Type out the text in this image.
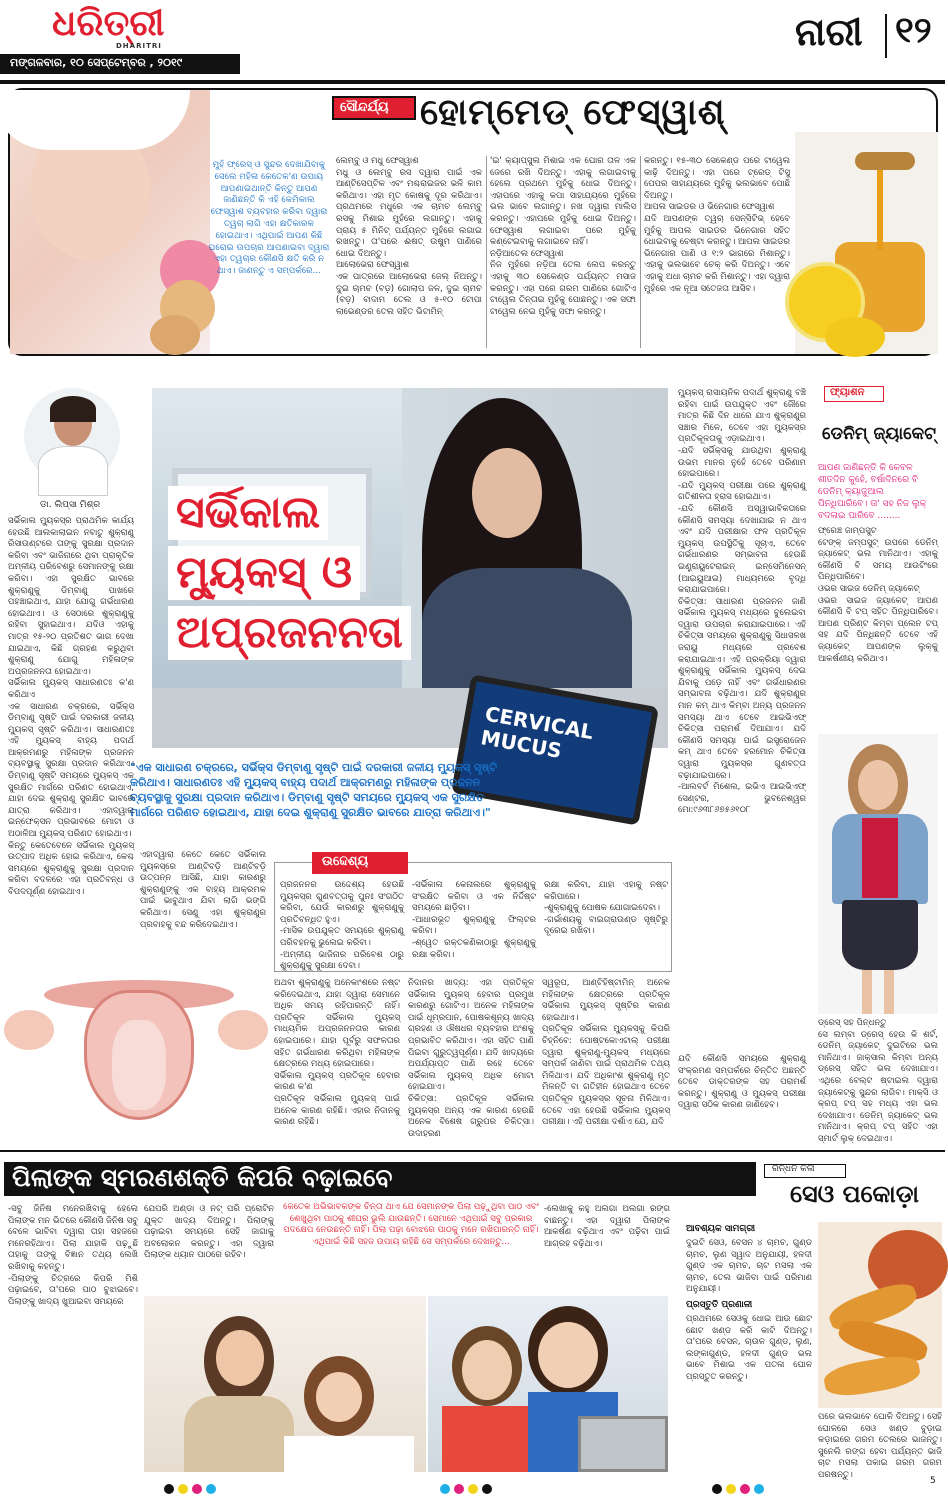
ଧରିତ୍ରୀ
DHARITRI
ମଙ୍ଗଳବାର, ୧୦ ସେପ୍ଟେମ୍ବର , ୨୦୧୯
ନାରୀ ୧୨
ମୁହଁ ଫ୍ରେସ୍ ଓ ସୁନ୍ଦର ଦେଖାଯିବାକୁ ସେଲେ ମହିଳା କେତେକ'ଣ ଉପାୟ ଆପଣାଇଥାନ୍ତି କିନ୍ତୁ ଆପଣ ଜାଣିଛନ୍ତି କି ଏହି କେମିକାଲ ଫେସ୍‌ୱାଶ ବ୍ୟବହାର କରିବା ଦ୍ୱାରା ତ୍ୱଚା ଲାଗି ଏହା କ୍ଷତିକାରକ ହୋଇଥାଏ। ଏଥିପାଇଁ ଆପଣ କିଛି ଘରୋଇ ଉପଚାର ଆପଣାଇବା ଦ୍ୱାରା ଏହା ତ୍ୱଚାର କୌଣସି କ୍ଷତି କରି ନ ଥାଏ। ଜାଣନ୍ତୁ ଏ ସମ୍ପର୍କରେ...
ସୌନ୍ଦର୍ଯ୍ୟ ହୋମ୍‌ମେଡ୍ ଫେସ୍‌ୱାଶ୍
ଲେମ୍ବୁ ଓ ମଧୁ ଫେସ୍‌ୱାଶ
ମଧୁ ଓ ଲେମ୍ବୁ ରସ ଦ୍ୱାରା ପାଇଁ ଏକ ଆଣ୍ଟିସେପ୍ଟିକ ଏବଂ ମଶ୍ଚରାଇଜର ଭଳି କାମ କରିଥାଏ। ଏହା ମୃତ କୋଷକୁ ଦୂର କରିଥାଏ। ପ୍ରଥମରେ ମଧୁରେ ଏକ ଚାମଚ ଲେମ୍ବୁ ରସକୁ ମିଶାଇ ମୁହଁରେ ଲଗାନ୍ତୁ। ଏହାକୁ ପ୍ରାୟ ୫ ମିନିଟ୍ ପର୍ଯ୍ୟନ୍ତ ମୁହଁରେ ଲଗାଇ ରଖନ୍ତୁ। ତା'ପରେ ଈଷତ୍ ଉଷୁମ ପାଣିରେ ଧୋଇ ଦିଅନ୍ତୁ।
ଆଲୋଭେରା ଫେସ୍‌ୱାଶ
ଏକ ପାତ୍ରରେ ଆଲୋଭେରା ଜେଲ୍ ନିଅନ୍ତୁ। ଦୁଇ ଚାମଚ (ବଡ଼) ଗୋଲାପ ଜଳ, ଦୁଇ ଚାମଚ (ବଡ଼) ବାଦାମ ତେଲ ଓ ୫-୧୦ ଟୋପା ଲାଭେଣ୍ଡର ତେଲ ସହିତ ଭିଟାମିନ୍
'ଇ' କ୍ୟାପ୍‌ସୁଲ ମିଶାଇ ଏକ ଘୋର ତାଳ ଏକ ଜେରେ ରଖି ଦିଅନ୍ତୁ। ଏହାକୁ ଲଗାଇବାକୁ ହେଲେ ପ୍ରଥମେ ମୁହଁକୁ ଧୋଇ ଦିଅନ୍ତୁ। ଏହାପରେ ଏହାକୁ କପା ସାହାଯ୍ୟରେ ମୁହଁରେ ଭଲ ଭାବେ ଲଗାନ୍ତୁ। ନଖ ଦ୍ୱାରା ମାଲିସ କରନ୍ତୁ। ଏହାପରେ ମୁହଁକୁ ଧୋଇ ଦିଅନ୍ତୁ। ଫେସ୍‌ୱାଶ ଲଗାଇବା ପରେ ମୁହଁକୁ କଣ୍ଟେଇବାକୁ ଲଗାଇବେ ନାହିଁ।
ନଡ଼ିଆତେଲ ଫେସ୍‌ୱାଶ
ନିଜ ମୁହଁରେ ନଡ଼ିଆ ତେଲ ଲେପ କରନ୍ତୁ ଏହାକୁ ୩୦ ସେକେଣ୍ଡ ପର୍ଯ୍ୟନ୍ତ ମସାଜ କରନ୍ତୁ। ଏହା ପରେ ଗରମ ପାଣିରେ ଗୋଟିଏ ଟାୱେଲ ତିନ୍ତାଇ ମୁହଁକୁ ପୋଛନ୍ତୁ। ଏକ ସଫା ଟାୱେଲ ନେଇ ମୁହଁକୁ ସଫା କରନ୍ତୁ।
କରନ୍ତୁ। ୧୫-୩୦ ସେକେଣ୍ଡ ପରେ ଟାୱେଲ କାଢ଼ି ଦିଅନ୍ତୁ। ଏହା ପରେ ଟ୍ରେଡ୍ ଟିସୁ ପେପର ସାହାଯ୍ୟରେ ମୁହଁକୁ ଭଲଭାବେ ପୋଛି ଦିଅନ୍ତୁ।
ଆପଲ ସାଇଡର ଓ ଭିନେଗାର ଫେସ୍‌ୱାଶ
ଯଦି ଆପଣଙ୍କ ତ୍ୱଚା ସେନ୍‌ସିଟିଭ୍ ହେବେ ମୁହଁକୁ ଆପଲ ସାଇଡର ଭିନେଗାର ସହିତ ଧୋଇବାକୁ ଚେଷ୍ଟା କରନ୍ତୁ। ଆପଲ ସାଇଡର ଭିନେଗାର ପାଣି ଓ ୧:୨ ଭାଗରେ ମିଶାନ୍ତୁ। ଏହାକୁ ଭଲଭାବେ ଚେକ୍ କରି ଦିଅନ୍ତୁ। ଏବେ ଏହାକୁ ଅଧା ଚାମଚ କରି ମିଶାନ୍ତୁ। ଏହା ଦ୍ୱାରା ମୁହଁରେ ଏକ ନୂଆ ସତେଜତା ଆସିବ।
ଡା. ଲିପ୍‌ସା ମିଶ୍ର ସର୍ଭିକାଲ
ମ୍ୟୁକସ୍ ଓ
ଅପ୍ରଜନନତା
CERVICAL MUCUS
"ଏକ ସାଧାରଣ ଚକ୍ରରେ, ସର୍ଭିକ୍ସ ଡିମ୍ବାଣୁ ସୃଷ୍ଟି ପାଇଁ ଦରକାରୀ ଜଳୀୟ ମ୍ୟୁକସ୍ ସୃଷ୍ଟି କରିଥାଏ। ସାଧାରଣତଃ ଏହି ମ୍ୟୁକସ୍ ବାହ୍ୟ ପଦାର୍ଥ ଆକ୍ରମଣରୁ ମହିଳାଙ୍କ ପ୍ରଜନନ ବ୍ୟବସ୍ଥାକୁ ସୁରକ୍ଷା ପ୍ରଦାନ କରିଥାଏ। ଡିମ୍ବାଣୁ ସୃଷ୍ଟି ସମୟରେ ମ୍ୟୁକସ୍ ଏକ ସୁରକ୍ଷିତ ମାର୍ଗରେ ପରିଣତ ହୋଇଥାଏ, ଯାହା ଦେଇ ଶୁକ୍ରାଣୁ ସୁରକ୍ଷିତ ଭାବରେ ଯାତ୍ରା କରିଥାଏ।"
ସର୍ଭିକାଲ ମ୍ୟୁକସ୍‌ର ପ୍ରାଥମିକ କାର୍ଯ୍ୟ ହେଉଛି ଆଲକାଲାଇନ ନବାତୁ ଶୁକ୍ରାଣୁ ରିସାଉଣ୍ଟରେ ତାଙ୍କୁ ସୁରକ୍ଷା ପ୍ରଦାନ କରିବା ଏବଂ ଭାଜିନାରେ ଥିବା ପ୍ରାକୃତିକ ଅମ୍ଳୀୟ ପରିବେଶରୁ ସେମାନଙ୍କୁ ରକ୍ଷା କରିବା। ଏହା ସୁରକ୍ଷିତ ଭାବରେ ଶୁକ୍ରାଣୁକୁ ଡିମ୍ବାଣୁ ପାଖରେ ପହଞ୍ଚାଇଥାଏ, ଯାହା ଯୋଗୁ ଗର୍ଭଧାରଣ ହୋଇଥାଏ। ଓ ସେଠାରେ ଶୁକ୍ରାଣୁକୁ ରହିବା ସୁହାଇଥାଏ। ଯଦିଓ ଏହାକୁ ମାତ୍ର ୧୫-୨୦ ପ୍ରତିଶତ ଭାଗ ଦେଖା ଯାଇଥାଏ, କିଛି ଗ୍ରହଣ କରୁଥିବା ଶୁକ୍ରାଣୁ ଯୋଗୁ ମହିଳାଙ୍କ ଅପ୍ରଜନନତା ହୋଇଥାଏ।
ସର୍ଭିକାଲ ମ୍ୟୁକସ୍ ସାଧାରଣତଃ କ'ଣ କରିଥାଏ
ଏକ ସାଧାରଣ ଚକ୍ରରେ, ସର୍ଭିକ୍ସ ଡିମ୍ବାଣୁ ସୃଷ୍ଟି ପାଇଁ ଦରକାରୀ ଜଳୀୟ ମ୍ୟୁକସ୍ ସୃଷ୍ଟି କରିଥାଏ। ସାଧାରଣତଃ ଏହି ମ୍ୟୁକସ୍ ବାହ୍ୟ ପଦାର୍ଥ ଆକ୍ରମଣରୁ ମହିଳାଙ୍କ ପ୍ରଜନନ ବ୍ୟବସ୍ଥାକୁ ସୁରକ୍ଷା ପ୍ରଦାନ କରିଥାଏ। ଡିମ୍ବାଣୁ ସୃଷ୍ଟି ସମୟରେ ମ୍ୟୁକସ୍ ଏକ ସୁରକ୍ଷିତ ମାର୍ଗରେ ପରିଣତ ହୋଇଥାଏ, ଯାହା ଦେଇ ଶୁକ୍ରାଣୁ ସୁରକ୍ଷିତ ଭାବରେ ଯାତ୍ରା କରିଥାଏ। ଏହାଦ୍ୱାରା ଇନ୍‌ଫେକ୍ସନ ପ୍ରଭାବରେ ମୋଟା ଓ ଅଠାଳିଆ ମ୍ୟୁକସ୍ ପରିଣତ ହୋଇଥାଏ।
କିନ୍ତୁ କେତେବେଳେ ସର୍ଭିକାଲ ମ୍ୟୁକସ୍ ଉତ୍ପାଦ ଅଧିକ ହୋଇ କରିଥାଏ, କେଶ୍ଚ ସମୟରେ ଶୁକ୍ରାଣୁକୁ ସୁରକ୍ଷା ପ୍ରଦାନ କରିବା ବଦଳରେ ଏହା ପ୍ରତିବନ୍ଧ ଓ ବିପଦପୂର୍ଣ୍ଣ ହୋଇଥାଏ।
ଏହାଦ୍ୱାରା କେତେ କେତେ ସର୍ଭିକାଲ ମ୍ୟୁକସ୍‌ରେ ଆଣ୍ଟିବଡ଼ି ଆଣ୍ଟିବଡ଼ି ଉତ୍ପନ୍ନ ଆସିଛି, ଯାହା କାରଣରୁ ଶୁକ୍ରାଣୁଙ୍କୁ ଏକ ବାହ୍ୟ ଆକ୍ରମକ ପାଇଁ ଭାବୁଥାଏ ଯିବା ଲାଗି ଭଙ୍ଗି କରିଥାଏ। ସେଣୁ ଏହା ଶୁକ୍ରାଣୁର ପ୍ରବାହକୁ ବନ୍ଦ କରିଦେଇଥାଏ।
ମ୍ୟୁକସ୍ ରାସାୟନିକ ପଦାର୍ଥ ଶୁକ୍ରାଣୁ ବଞ୍ଚି ରହିବା ପାଇଁ ଉପଯୁକ୍ତ ଏବଂ ଜୌରେ ମାତ୍ର କିଛି ଦିନ ଧାରେ ଯାଏ ଶୁକ୍ରାଣୁର ସଞ୍ଚାର ମିଳେ, ତେବେ ଏହା ମ୍ୟୁକସ୍‌ର ପ୍ରତିକୂଳତାକୁ ଏଡ଼ାଇଥାଏ।
-ଯଦି ସର୍ଭିକ୍ସକୁ ଯାଉଥିବା ଶୁକ୍ରାଣୁ ଉଭମ ମାନର ନୁହେଁ ତେବେ ପରିଣାମ ହୋଇପାରେ।
-ଯଦି ମ୍ୟୁକସ୍ ପରୀକ୍ଷା ପରେ ଶୁକ୍ରାଣୁ ଗତିଶୀଳତା ହ୍ରାସ ହୋଇଥାଏ।
-ଯଦି କୌଣସି ଅସ୍ୱାଭାବିକତାରେ କୌଣସି ସମସ୍ୟା ଦେଖାଯାଇ ନ ଥାଏ ଏବଂ ଯଦି ପରୀକ୍ଷାର ଫଳ ପ୍ରତିକୂଳ ମ୍ୟୁକସ୍ ଉପସ୍ଥିତିକୁ ସୂଚାଏ, ତେବେ ଗର୍ଭଧାରଣର ସମ୍ଭାବନା ହେଉଛି ଇଣ୍ଟ୍ରାୟୁଟେରାଇନ୍ ଇନ୍‌ସେମିନେସନ୍ (ଆଇୟୁଆଇ) ମାଧ୍ୟମରେ ବୃଦ୍ଧି କରାଯାଇପାରେ।
ଚିକିତ୍ସା: ସାଧାରଣ ପ୍ରଜନନ ଜାଣି ସର୍ଭିକାଲ ମ୍ୟୁକସ୍ ମଧ୍ୟରେ ବୁଲେଇବା ଦ୍ୱାରା ଉପଚାର କରାଯାଇପାରେ। ଏହି ଚିକିତ୍ସା ସମୟରେ ଶୁକ୍ରାଣୁକୁ ସିଧାସଳଖ ଜରାୟୁ ମଧ୍ୟରେ ପ୍ରବେଶ କରାଯାଇଥାଏ। ଏହି ପ୍ରକ୍ରିୟା ଦ୍ୱାରା ଶୁକ୍ରାଣୁକୁ ସର୍ଭିକାଲ ମ୍ୟୁକସ୍ ଦେଇ ଯିବାକୁ ପଡ଼େ ନାହିଁ ଏବଂ ଗର୍ଭଧାରଣର ସମ୍ଭାବନା ବଢ଼ିଥାଏ। ଯଦି ଶୁକ୍ରାଣୁର ମାନ କମ୍ ଥାଏ କିମ୍ବା ଅନ୍ୟ ପ୍ରଜନନ ସମସ୍ୟା ଥାଏ ତେବେ ଆଇଭିଏଫ୍ ଚିକିତ୍ସା ପରାମର୍ଶ ଦିଆଯାଏ। ଯଦି କୌଣସି ସମସ୍ୟା ପାଇଁ ଇସ୍ତ୍ରୋଜେନ କମ୍ ଥାଏ ତେବେ ହରମୋନ ଚିକିତ୍ସା ଦ୍ୱାରା ମ୍ୟୁକସ୍‌ର ଗୁଣବତ୍ତା ବଢ଼ାଯାଇପାରେ।
-ଆଲବର୍ଟ ମିଶେଲ, ଇଭିଏ ଆଇଭିଏଫ୍ ସେଣ୍ଟର, ଭୁବନେଶ୍ୱର ମୋ:୯୬୩୮୬୭୫୬୧୦୮
ଉଦ୍ଦେଶ୍ୟ
ପ୍ରଜନନର ଉଦ୍ଦେଶ୍ୟ ହେଉଛି ମ୍ୟୁକସ୍‌ର ଗୁଣବତ୍ତାକୁ ପୁନଃ ସଂଗଠିତ କରିବା, ଯେଉଁ କାରଣରୁ ଶୁକ୍ରାଣୁକୁ ପ୍ରତିବନ୍ଧିତ ହୁଏ।
-ମାସିକ ଉପଯୁକ୍ତ ସମୟରେ ଶୁକ୍ରାଣୁ ପରିବହନକୁ ଭୁଲେଇ କରିବା।
-ଅମ୍ଳୀୟ ଭାଜିନାର ପରିବେଶ ଠାରୁ ଶୁକ୍ରାଣୁକୁ ସୁରକ୍ଷା ଦେବା।
-ସର୍ଭିକାଲ କେନାଲରେ ଶୁକ୍ରାଣୁକୁ ସଂରକ୍ଷିତ କରିବା ଓ ଏକ ନିର୍ଦ୍ଦିଷ୍ଟ ସମୟରେ ଛାଡ଼ିବା।
-ଆଧାରଭୂତ ଶୁକ୍ରାଣୁକୁ ଫିଲ୍ଟର କରିବା।
-ଶ୍ୱେତ ରକ୍ତକଣିକାଠାରୁ ଶୁକ୍ରାଣୁକୁ ରକ୍ଷା କରିବା।
ରକ୍ଷା କରିବା, ଯାହା ଏହାକୁ ନଷ୍ଟ କରିପାରେ।
-ଶୁକ୍ରାଣୁକୁ ପୋଷକ ଯୋଗାଇଦେବା।
-ଗର୍ଭାଶୟକୁ ବାଇଗ୍ରାଉଣ୍ଡ ସୃଷ୍ଟିରୁ ଦୂରେଇ ରଖିବା।
ଅଥବା ଶୁକ୍ରାଣୁକୁ ଅନେକାଂଶରେ ନଷ୍ଟ କରିଦେଇଥାଏ, ଯାହା ଦ୍ୱାରା ସେମାନେ ଅଧିକ ସମୟ ରହିପାରନ୍ତି ନାହିଁ। ପ୍ରତିକୂଳ ସର୍ଭିକାଲ ମ୍ୟୁକସ୍ ମାଧ୍ୟମିକ ଅପ୍ରଜନନତାର କାରଣ ହୋଇପାରେ। ଯାହା ପୂର୍ବରୁ ସଫଳତାର ସହିତ ଗର୍ଭଧାରଣ କରିଥିବା ମହିଳାଙ୍କ କ୍ଷେତ୍ରରେ ମଧ୍ୟ ହୋଇପାରେ।
ସର୍ଭିକାଲ ମ୍ୟୁକସ୍ ପ୍ରତିକୂଳ ହେବାର କାରଣ କ'ଣ
ପ୍ରତିକୂଳ ସର୍ଭିକାଲ ମ୍ୟୁକସ୍ ପାଇଁ ଅନେକ କାରଣ ରହିଛି। ଏହାର ନିଦାନକୁ କାରଣ ରହିଛି।
ନିଦାନର ଖାଦ୍ୟ: ଏହା ପ୍ରତିକୂଳ ସର୍ଭିକାଲ ମ୍ୟୁକସ୍ ହେବାର ପ୍ରମୁଖ କାରଣରୁ ଗୋଟିଏ। ଅନେକ ମହିଳାଙ୍କ ପାଇଁ ଧୂମ୍ରପାନ, ପୋଷକଶୂନ୍ୟ ଖାଦ୍ୟ ଗ୍ରହଣ ଓ ଔଷଧର ବ୍ୟବହାର ଅଂଶକୁ ପ୍ରଭାବିତ କରିଥାଏ। ଏହା ସହିତ ପାଣି ପିଇବା ଗୁରୁତ୍ୱପୂର୍ଣ୍ଣ। ଯଦି ଖାଦ୍ୟରେ ଅପର୍ଯ୍ୟାପ୍ତ ପାଣି ରହେ ତେବେ ସର୍ଭିକାଲ ମ୍ୟୁକସ୍ ଅଧିକ ମୋଟା ହୋଇଯାଏ।
ଚିକିତ୍ସା: ପ୍ରତିକୂଳ ସର୍ଭିକାଲ ମ୍ୟୁକସ୍‌ର ଅନ୍ୟ ଏକ କାରଣ ହେଉଛି ଅନେକ ବିଶେଷ ଗ୍ରୁପର ଚିକିତ୍ସା। ଉଦାହରଣ
ସ୍ୱରୂପ, ଆଣ୍ଟିହିଷ୍ଟାମିନ୍ ଅନେକ ମହିଳାଙ୍କ କ୍ଷେତ୍ରରେ ପ୍ରତିକୂଳ ସର୍ଭିକାଲ ମ୍ୟୁକସ୍ ସୃଷ୍ଟିର କାରଣ ହୋଇଥାଏ।
ପ୍ରତିକୂଳ ସର୍ଭିକାଲ ମ୍ୟୁକସ୍‌କୁ କିପରି ଚିହ୍ନିବେ: ପୋଷ୍ଟକୋଏଟାଲ୍ ପରୀକ୍ଷା ଦ୍ୱାରା ଶୁକ୍ରାଣୁ-ମ୍ୟୁକସ୍ ମଧ୍ୟରେ ସମ୍ପର୍କ ଜାଣିବା ପାଇଁ ପ୍ରାଥମିକ ତଥ୍ୟ ମିଳିଥାଏ। ଯଦି ଅଧିକାଂଶ ଶୁକ୍ରାଣୁ ମୃତ ମିଳନ୍ତି ବା ଗତିହୀନ ହୋଇଥାଏ ତେବେ ପ୍ରତିକୂଳ ମ୍ୟୁକସ୍‌ର ସୂଚନା ମିଳିଥାଏ। ତେବେ ଏହା ହେଉଛି ସର୍ଭିକାଲ ମ୍ୟୁକସ୍ ପରୀକ୍ଷା। ଏହି ପରୀକ୍ଷା ଦର୍ଶାଏ ଯେ, ଯଦି
ଯଦି କୌଣସି ସମୟରେ ଶୁକ୍ରାଣୁ ସଂକ୍ରମଣ ସମ୍ପର୍କରେ ଚିନ୍ତିତ ଅଛନ୍ତି ତେବେ ଡାକ୍ତରଙ୍କ ସହ ପରାମର୍ଶ କରନ୍ତୁ। ଶୁକ୍ରାଣୁ ଓ ମ୍ୟୁକସ୍ ପରୀକ୍ଷା ଦ୍ୱାରା ସଠିକ କାରଣ ଜାଣିହେବ।
ଫ୍ୟାଶନ
ଡେନିମ୍ ଜ୍ୟାକେଟ୍
ଆପଣ ଜାଣିଛନ୍ତି କି କେବଳ ଶୀତଦିନ କୁହେଁ, ବର୍ଷାଦିନରେ ବି ଡେନିମ୍ କ୍ୟାଜୁଆଲ ପିନ୍ଧିପାରିବେ। ତା' ସହ ନିଜ ଲୁକ୍ ବଦଳାଇ ପାରିବେ ........
ଫ୍ରେଞ୍ଚ ଜାମ୍ପସୁଟ
ଟେଙ୍କ୍ ଜମ୍ପସୁଟ୍ ଉପରେ ଡେନିମ୍ ଜ୍ୟାକେଟ୍ ଭଲ ମାନିଥାଏ। ଏହାକୁ କୌଣସି ବି ସମୟ ଆଉଟିଂରେ ପିନ୍ଧିପାରିବେ।
ଓଭର ସାଇଜ ଡେନିମ୍ ଜ୍ୟାକେଟ୍
ଓଭର ସାଇଜ ଜ୍ୟାକେଟ୍ ଆପଣ କୌଣସି ବି ଟପ୍ ସହିତ ପିନ୍ଧିପାରିବେ। ଆପଣ ପ୍ରିଣ୍ଟ କିମ୍ବା ପ୍ଲେନ ଟପ୍ ସହ ଯଦି ପିନ୍ଧିଛନ୍ତି ତେବେ ଏହି ଜ୍ୟାକେଟ୍ ଆପଣଙ୍କ ଲୁକ୍‌କୁ ଆକର୍ଷଣୀୟ କରିଥାଏ।
ଡ୍ରେସ୍ ସହ ପିନ୍ଧନ୍ତୁ
ସେ ଲମ୍ବା ଡ୍ରେସ୍ ହେଉ କି ଶର୍ଟ, ଡେନିମ୍ ଜ୍ୟାକେଟ୍ ଦୁଇଟିରେ ଭଲ ମାନିଥାଏ। ଜାକ୍ସାଲ କିମ୍ବା ଅନ୍ୟ ଡ୍ରେସ୍ ସହିତ ଭଲ ଦେଖାଯାଏ। ଏଥିରେ ବେଲ୍ଟ ଷ୍ଟାଇଲ ଦ୍ୱାରା ଜ୍ୟାକେଟ୍‌କୁ ସୁନ୍ଦର ଲାଗିବ। ମାକ୍ସି ଓ କ୍ରପ୍ ଟପ୍ ସହ ମଧ୍ୟ ଏହା ଭଲ ଦେଖାଯାଏ। ଡେନିମ୍ ଜ୍ୟାକେଟ୍ ଭଲ ମାନିଥାଏ। କ୍ରପ୍ ଟପ୍ ସହିତ ଏହା ସ୍ମାର୍ଟ ଲୁକ୍ ଦେଇଥାଏ।
ପିଲାଙ୍କ ସ୍ମରଣଶକ୍ତି କିପରି ବଢ଼ାଇବେ
-ସବୁ ଜିନିଷ ମନେରଖିବାକୁ ହେଲେ ପିଲାଙ୍କ ମନ ଭିତରେ କୌଣସି ଜିନିଷ ସବୁ ବେଳେ ଭାବିବା ଦ୍ୱାରା ତାହା ସହଜରେ ମନେରହିଥାଏ। ପିଲା ଯାହାକି ପଢ଼ୁଛି ତାହାକୁ ତାଙ୍କୁ ବିଜ୍ଞାନ ତଥ୍ୟ ଲେଖି ରଖିବାକୁ କହନ୍ତୁ।
-ପିଲାଙ୍କୁ ଚିତ୍ରରେ କିପରି ମିଶି ପଢ଼ାଇବେ, ତା'ପରେ ପାଠ ବୁଝାଇବେ। ପିଲାଙ୍କୁ ଖାଦ୍ୟ ଖୁଆଇବା ସମୟରେ
ଯେପରି ଅଣ୍ଡା ଓ ନଟ୍ ପରି ପ୍ରୋଟିନ ଯୁକ୍ତ ଖାଦ୍ୟ ଦିଅନ୍ତୁ। ପିଲାଙ୍କୁ ପଢ଼ାଇବା ସମୟରେ ସେହି ଜାଗାକୁ ଅବଲୋକନ କରନ୍ତୁ। ଏହା ଦ୍ୱାରା ପିଲାଙ୍କ ଧ୍ୟାନ ପାଠରେ ରହିବ।
କେତେକ ଅଭିଭାବକଙ୍କ ଚିନ୍ତା ଥାଏ ଯେ ସେମାନଙ୍କ ପିଲା ପଢ଼ୁଥିବା ପାଠ ଏବଂ ଶେଖୁଥିବା ପାଠକୁ ଶୀଘ୍ର ଭୁଲି ଯାଉଛନ୍ତି। ସେମାନେ ଏଥିପାଇଁ ସବୁ ପ୍ରକାର ପଦକ୍ଷେପ ନେଉଛନ୍ତି ନାହିଁ। ପିଲା ପଢ଼ା ବୋଝରେ ପାଠକୁ ମନେ ରଖିପାରନ୍ତି ନାହିଁ। ଏଥିପାଇଁ କିଛି ସହଜ ଉପାୟ ରହିଛି ସେ ସମ୍ପର୍କରେ ଦେଖନ୍ତୁ...
-ଲେଖାକୁ କହୁ ଅଲଗା ଅଲଗା ରଙ୍ଗ ବାଛନ୍ତୁ। ଏହା ଦ୍ୱାରା ପିଲାଙ୍କ ଆକର୍ଷଣ ବଢ଼ିଥାଏ ଏବଂ ପଢ଼ିବା ପାଇଁ ଆଗ୍ରହ ବଢ଼ିଥାଏ।
ରନ୍ଧନ କଳା
ସେଓ ପକୋଡ଼ା
ଆବଶ୍ୟକ ସାମଗ୍ରୀ
ଦୁଇଟି ସେଓ, ବେସନ ୪ ଚାମଚ, ଗୁଣ୍ଡ ଚାମଚ, ଲୁଣ ସ୍ୱାଦ ଅନୁଯାୟୀ, ହଳଦୀ ଗୁଣ୍ଡ ଏକ ଚାମଚ, ଚାଟ ମସଲା ଏକ ଚାମଚ, ତେଲ ଭାଜିବା ପାଇଁ ପରିମାଣ ଅନୁଯାୟୀ।
ପ୍ରସ୍ତୁତି ପ୍ରଣାଳୀ
ପ୍ରଥମରେ ସେଓକୁ ଧୋଇ ଆଉ ଛୋଟ ଛୋଟ ଖଣ୍ଡ କରି କାଟି ଦିଅନ୍ତୁ। ତା'ପରେ ବେସନ, ଚାଉଳ ଗୁଣ୍ଡ, ଲୁଣ, ଲଙ୍କାଗୁଣ୍ଡ, ହଳଦୀ ଗୁଣ୍ଡ ଭଲ ଭାବେ ମିଶାଇ ଏକ ପତଳା ଘୋଳ ପ୍ରସ୍ତୁତ କରନ୍ତୁ।
ପରେ ଭଲଭାବେ ଘୋଳି ଦିଅନ୍ତୁ। ସେହି ଘୋଳରେ ସେଓ ଖଣ୍ଡ ବୁଡ଼ାଇ କଡ଼ାଇରେ ଗରମ ତେଲରେ ଭାଜନ୍ତୁ। ସୁନେଲି ରଙ୍ଗ ହେବା ପର୍ଯ୍ୟନ୍ତ ଭାଜି ଚାଟ ମସଲା ପକାଇ ଗରମ ଗରମ ପରଷନ୍ତୁ।
5
